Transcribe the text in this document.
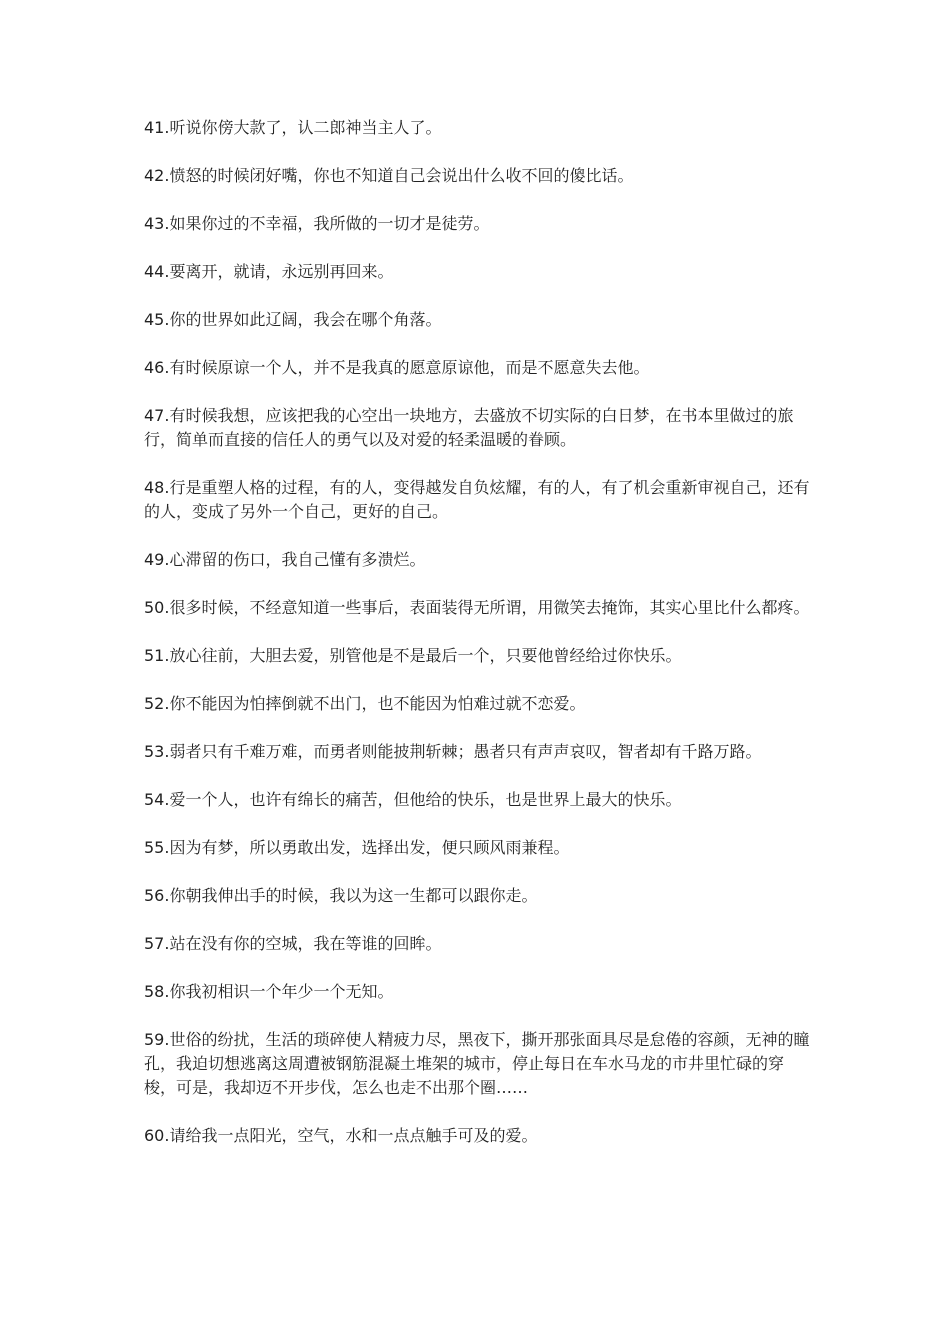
41.听说你傍大款了，认二郎神当主人了。

42.愤怒的时候闭好嘴，你也不知道自己会说出什么收不回的傻比话。

43.如果你过的不幸福，我所做的一切才是徒劳。

44.要离开，就请，永远别再回来。

45.你的世界如此辽阔，我会在哪个角落。

46.有时候原谅一个人，并不是我真的愿意原谅他，而是不愿意失去他。

47.有时候我想，应该把我的心空出一块地方，去盛放不切实际的白日梦，在书本里做过的旅行，简单而直接的信任人的勇气以及对爱的轻柔温暖的眷顾。

48.行是重塑人格的过程，有的人，变得越发自负炫耀，有的人，有了机会重新审视自己，还有的人，变成了另外一个自己，更好的自己。

49.心滞留的伤口，我自己懂有多溃烂。

50.很多时候，不经意知道一些事后，表面装得无所谓，用微笑去掩饰，其实心里比什么都疼。

51.放心往前，大胆去爱，别管他是不是最后一个，只要他曾经给过你快乐。

52.你不能因为怕摔倒就不出门，也不能因为怕难过就不恋爱。

53.弱者只有千难万难，而勇者则能披荆斩棘；愚者只有声声哀叹，智者却有千路万路。

54.爱一个人，也许有绵长的痛苦，但他给的快乐，也是世界上最大的快乐。

55.因为有梦，所以勇敢出发，选择出发，便只顾风雨兼程。

56.你朝我伸出手的时候，我以为这一生都可以跟你走。

57.站在没有你的空城，我在等谁的回眸。

58.你我初相识一个年少一个无知。

59.世俗的纷扰，生活的琐碎使人精疲力尽，黑夜下，撕开那张面具尽是怠倦的容颜，无神的瞳孔，我迫切想逃离这周遭被钢筋混凝土堆架的城市，停止每日在车水马龙的市井里忙碌的穿梭，可是，我却迈不开步伐，怎么也走不出那个圈……

60.请给我一点阳光，空气，水和一点点触手可及的爱。
